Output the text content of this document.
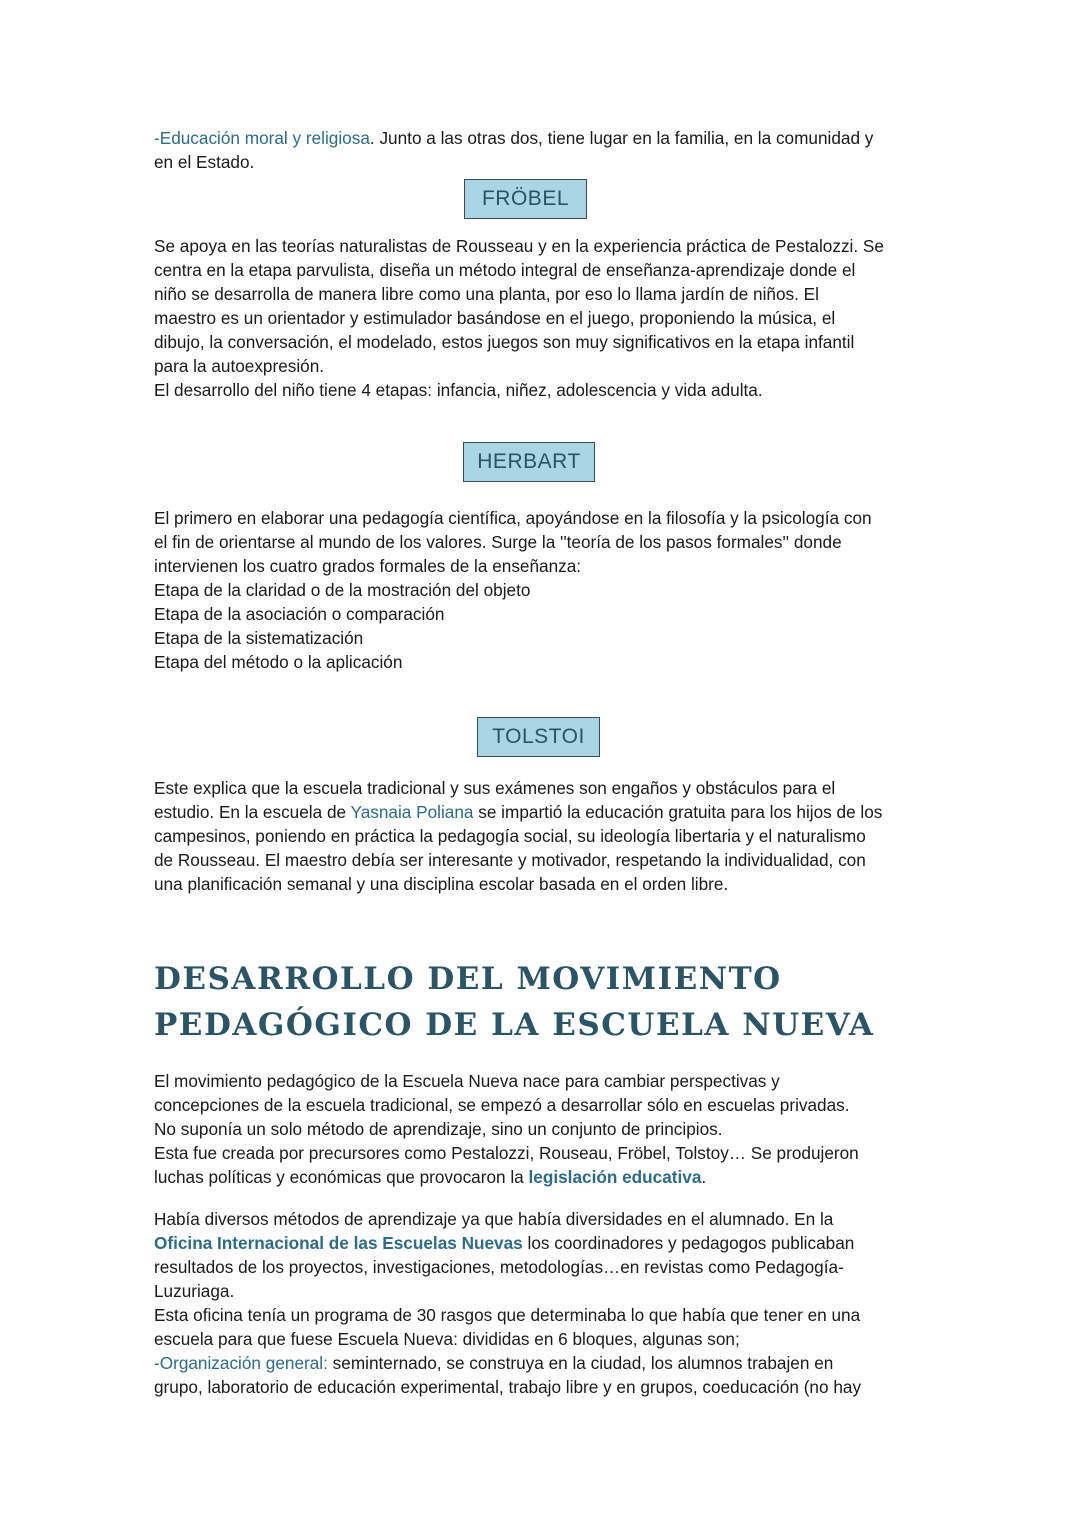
-Educación moral y religiosa. Junto a las otras dos, tiene lugar en la familia, en la comunidad y

en el Estado.

FRÖBEL

Se apoya en las teorías naturalistas de Rousseau y en la experiencia práctica de Pestalozzi. Se

centra en la etapa parvulista, diseña un método integral de enseñanza-aprendizaje donde el

niño se desarrolla de manera libre como una planta, por eso lo llama jardín de niños. El

maestro es un orientador y estimulador basándose en el juego, proponiendo la música, el

dibujo, la conversación, el modelado, estos juegos son muy significativos en la etapa infantil

para la autoexpresión.

El desarrollo del niño tiene 4 etapas: infancia, niñez, adolescencia y vida adulta.

HERBART

El primero en elaborar una pedagogía científica, apoyándose en la filosofía y la psicología con

el fin de orientarse al mundo de los valores. Surge la ''teoría de los pasos formales'' donde

intervienen los cuatro grados formales de la enseñanza:

Etapa de la claridad o de la mostración del objeto

Etapa de la asociación o comparación

Etapa de la sistematización

Etapa del método o la aplicación

TOLSTOI

Este explica que la escuela tradicional y sus exámenes son engaños y obstáculos para el

estudio. En la escuela de Yasnaia Poliana se impartió la educación gratuita para los hijos de los

campesinos, poniendo en práctica la pedagogía social, su ideología libertaria y el naturalismo

de Rousseau. El maestro debía ser interesante y motivador, respetando la individualidad, con

una planificación semanal y una disciplina escolar basada en el orden libre.

DESARROLLO DEL MOVIMIENTO
PEDAGÓGICO DE LA ESCUELA NUEVA

El movimiento pedagógico de la Escuela Nueva nace para cambiar perspectivas y

concepciones de la escuela tradicional, se empezó a desarrollar sólo en escuelas privadas.

No suponía un solo método de aprendizaje, sino un conjunto de principios.

Esta fue creada por precursores como Pestalozzi, Rouseau, Fröbel, Tolstoy… Se produjeron

luchas políticas y económicas que provocaron la legislación educativa.

Había diversos métodos de aprendizaje ya que había diversidades en el alumnado. En la

Oficina Internacional de las Escuelas Nuevas los coordinadores y pedagogos publicaban

resultados de los proyectos, investigaciones, metodologías…en revistas como Pedagogía-

Luzuriaga.

Esta oficina tenía un programa de 30 rasgos que determinaba lo que había que tener en una

escuela para que fuese Escuela Nueva: divididas en 6 bloques, algunas son;

-Organización general: seminternado, se construya en la ciudad, los alumnos trabajen en

grupo, laboratorio de educación experimental, trabajo libre y en grupos, coeducación (no hay
